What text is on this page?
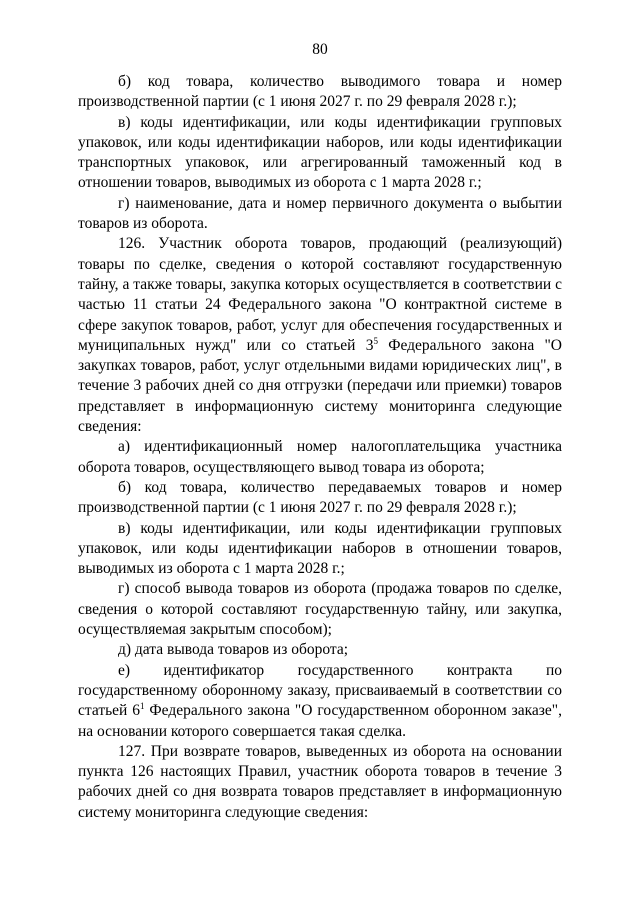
80

б) код товара, количество выводимого товара и номер производственной партии (с 1 июня 2027 г. по 29 февраля 2028 г.);

в) коды идентификации, или коды идентификации групповых упаковок, или коды идентификации наборов, или коды идентификации транспортных упаковок, или агрегированный таможенный код в отношении товаров, выводимых из оборота с 1 марта 2028 г.;

г) наименование, дата и номер первичного документа о выбытии товаров из оборота.

126. Участник оборота товаров, продающий (реализующий) товары по сделке, сведения о которой составляют государственную тайну, а также товары, закупка которых осуществляется в соответствии с частью 11 статьи 24 Федерального закона "О контрактной системе в сфере закупок товаров, работ, услуг для обеспечения государственных и муниципальных нужд" или со статьей $3^5$ Федерального закона "О закупках товаров, работ, услуг отдельными видами юридических лиц", в течение 3 рабочих дней со дня отгрузки (передачи или приемки) товаров представляет в информационную систему мониторинга следующие сведения:

а) идентификационный номер налогоплательщика участника оборота товаров, осуществляющего вывод товара из оборота;

б) код товара, количество передаваемых товаров и номер производственной партии (с 1 июня 2027 г. по 29 февраля 2028 г.);

в) коды идентификации, или коды идентификации групповых упаковок, или коды идентификации наборов в отношении товаров, выводимых из оборота с 1 марта 2028 г.;

г) способ вывода товаров из оборота (продажа товаров по сделке, сведения о которой составляют государственную тайну, или закупка, осуществляемая закрытым способом);

д) дата вывода товаров из оборота;

е) идентификатор государственного контракта по государственному оборонному заказу, присваиваемый в соответствии со статьей $6^1$ Федерального закона "О государственном оборонном заказе", на основании которого совершается такая сделка.

127. При возврате товаров, выведенных из оборота на основании пункта 126 настоящих Правил, участник оборота товаров в течение 3 рабочих дней со дня возврата товаров представляет в информационную систему мониторинга следующие сведения:
